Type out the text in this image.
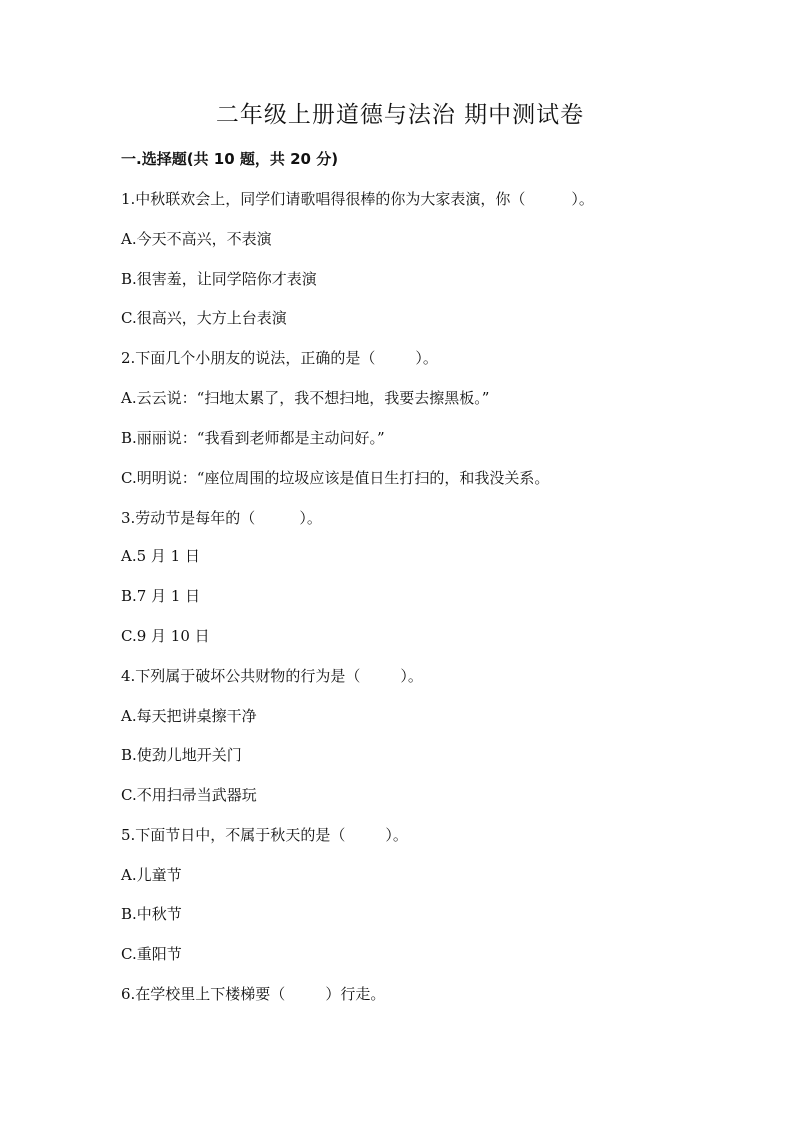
二年级上册道德与法治 期中测试卷
一.选择题(共 10 题，共 20 分)
1.中秋联欢会上，同学们请歌唱得很棒的你为大家表演，你（	）。
A.今天不高兴，不表演
B.很害羞，让同学陪你才表演
C.很高兴，大方上台表演
2.下面几个小朋友的说法，正确的是（	）。
A.云云说：“扫地太累了，我不想扫地，我要去擦黑板。”
B.丽丽说：“我看到老师都是主动问好。”
C.明明说：“座位周围的垃圾应该是值日生打扫的，和我没关系。
3.劳动节是每年的（	）。
A.5 月 1 日
B.7 月 1 日
C.9 月 10 日
4.下列属于破坏公共财物的行为是（	）。
A.每天把讲桌擦干净
B.使劲儿地开关门
C.不用扫帚当武器玩
5.下面节日中，不属于秋天的是（	）。
A.儿童节
B.中秋节
C.重阳节
6.在学校里上下楼梯要（	）行走。
